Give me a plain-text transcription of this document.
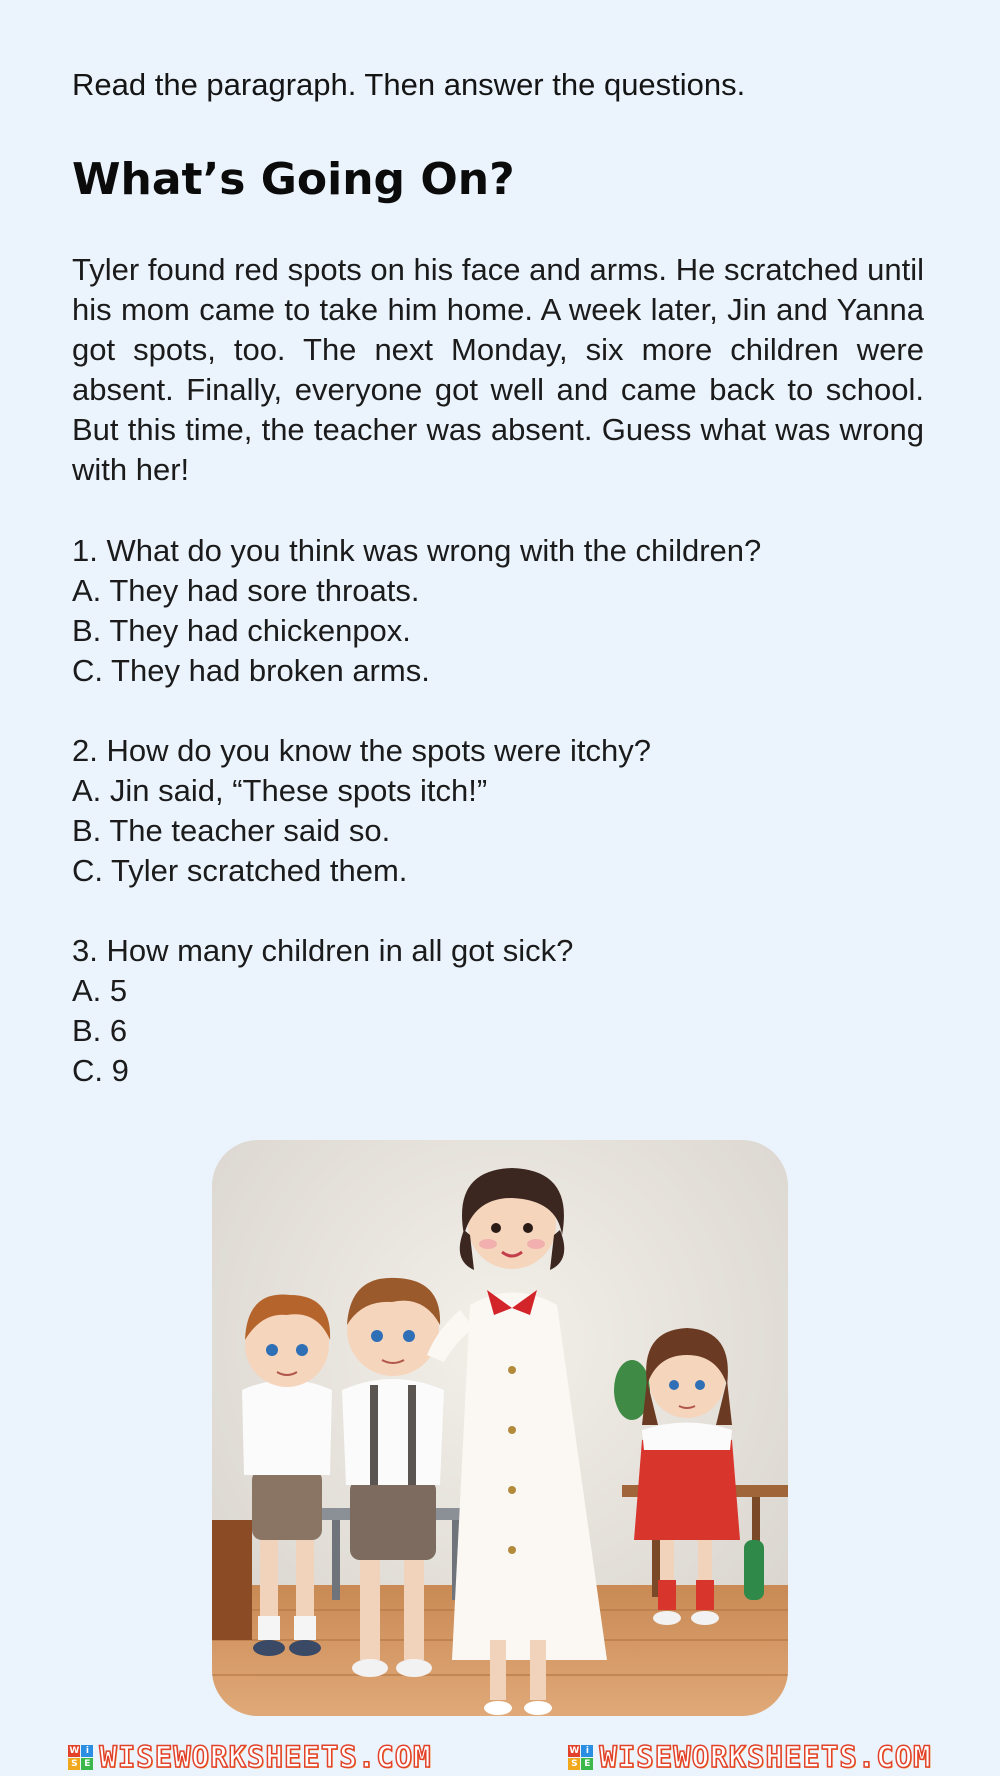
Read the paragraph. Then answer the questions.
What’s Going On?
Tyler found red spots on his face and arms. He scratched until his mom came to take him home. A week later, Jin and Yanna got spots, too. The next Monday, six more children were absent. Finally, everyone got well and came back to school. But this time, the teacher was absent. Guess what was wrong with her!
1. What do you think was wrong with the children?
A. They had sore throats.
B. They had chickenpox.
C. They had broken arms.
2. How do you know the spots were itchy?
A. Jin said, “These spots itch!”
B. The teacher said so.
C. Tyler scratched them.
3. How many children in all got sick?
A. 5
B. 6
C. 9
W i
S E WISEWORKSHEETS.COM	W i
S E WISEWORKSHEETS.COM
